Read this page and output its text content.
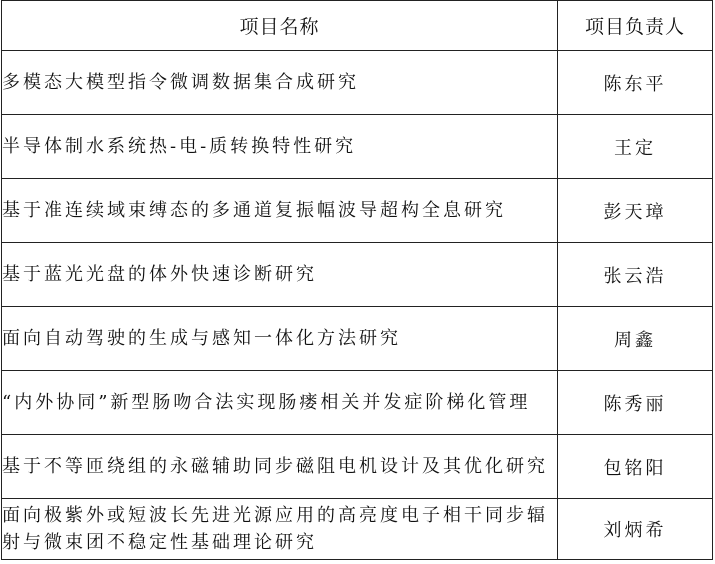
项目名称	项目负责人
多模态大模型指令微调数据集合成研究	陈东平
半导体制水系统热-电-质转换特性研究	王定
基于准连续域束缚态的多通道复振幅波导超构全息研究	彭天璋
基于蓝光光盘的体外快速诊断研究	张云浩
面向自动驾驶的生成与感知一体化方法研究	周鑫
“内外协同”新型肠吻合法实现肠瘘相关并发症阶梯化管理	陈秀丽
基于不等匝绕组的永磁辅助同步磁阻电机设计及其优化研究	包铭阳
面向极紫外或短波长先进光源应用的高亮度电子相干同步辐射与微束团不稳定性基础理论研究	刘炳希
